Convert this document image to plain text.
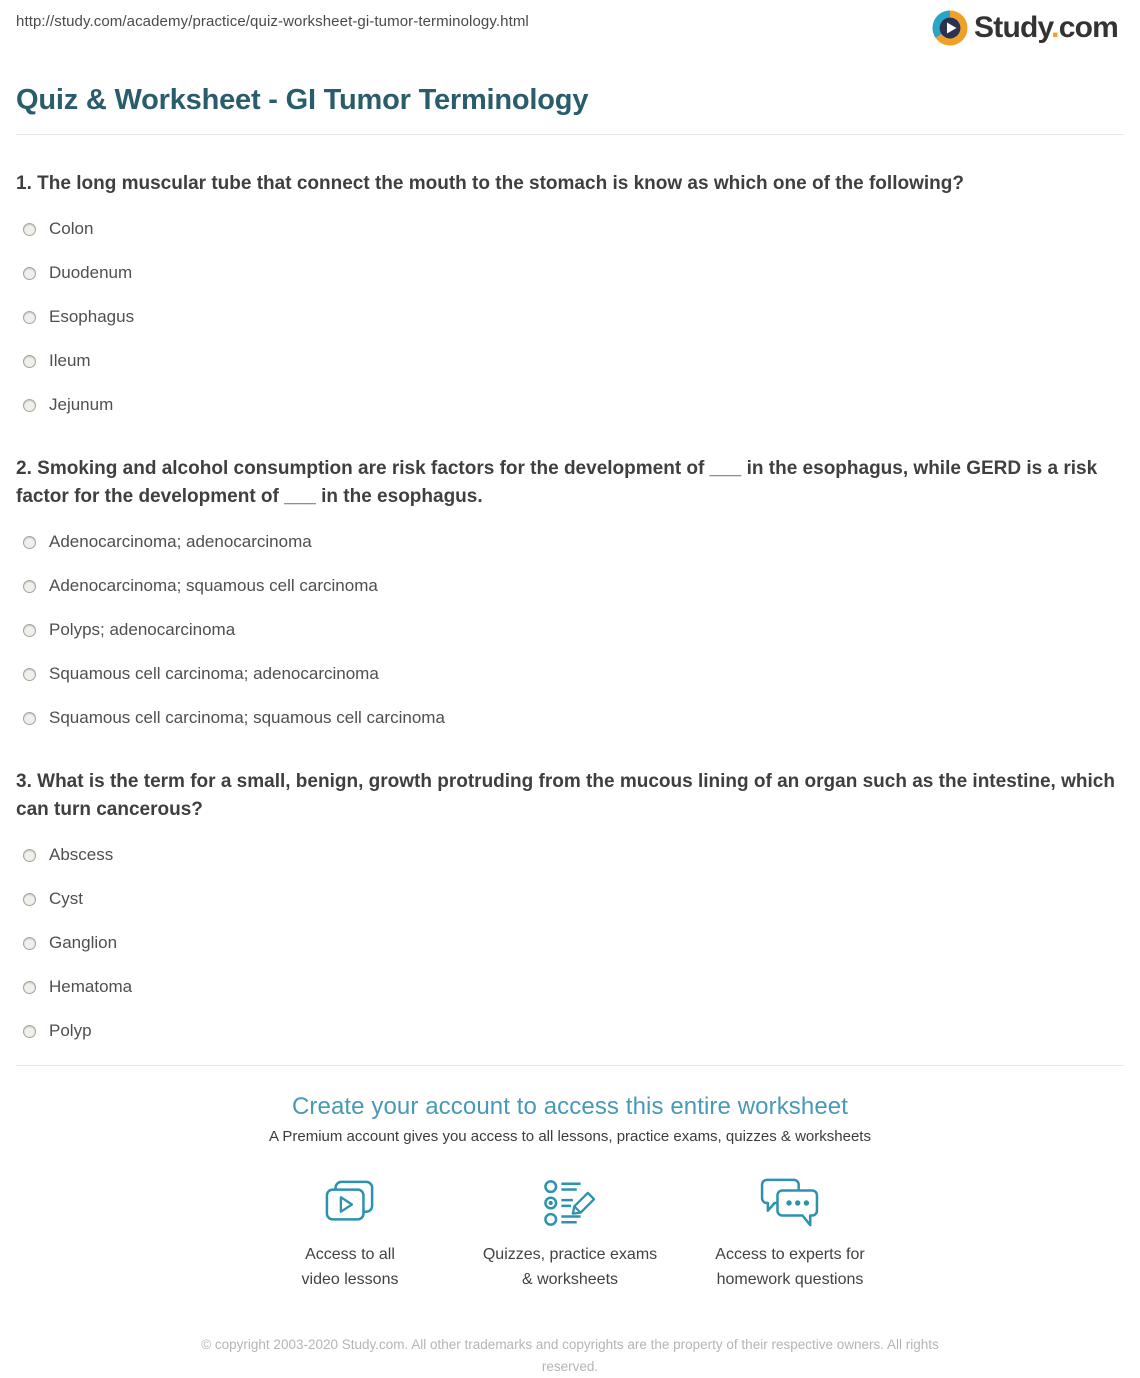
http://study.com/academy/practice/quiz-worksheet-gi-tumor-terminology.html	Study.com
Quiz & Worksheet - GI Tumor Terminology
1. The long muscular tube that connect the mouth to the stomach is know as which one of the following?
Colon
Duodenum
Esophagus
Ileum
Jejunum
2. Smoking and alcohol consumption are risk factors for the development of ___ in the esophagus, while GERD is a risk factor for the development of ___ in the esophagus.
Adenocarcinoma; adenocarcinoma
Adenocarcinoma; squamous cell carcinoma
Polyps; adenocarcinoma
Squamous cell carcinoma; adenocarcinoma
Squamous cell carcinoma; squamous cell carcinoma
3. What is the term for a small, benign, growth protruding from the mucous lining of an organ such as the intestine, which can turn cancerous?
Abscess
Cyst
Ganglion
Hematoma
Polyp
Create your account to access this entire worksheet
A Premium account gives you access to all lessons, practice exams, quizzes & worksheets
Access to all
video lessons
Quizzes, practice exams
& worksheets
Access to experts for
homework questions
© copyright 2003-2020 Study.com. All other trademarks and copyrights are the property of their respective owners. All rights reserved.
